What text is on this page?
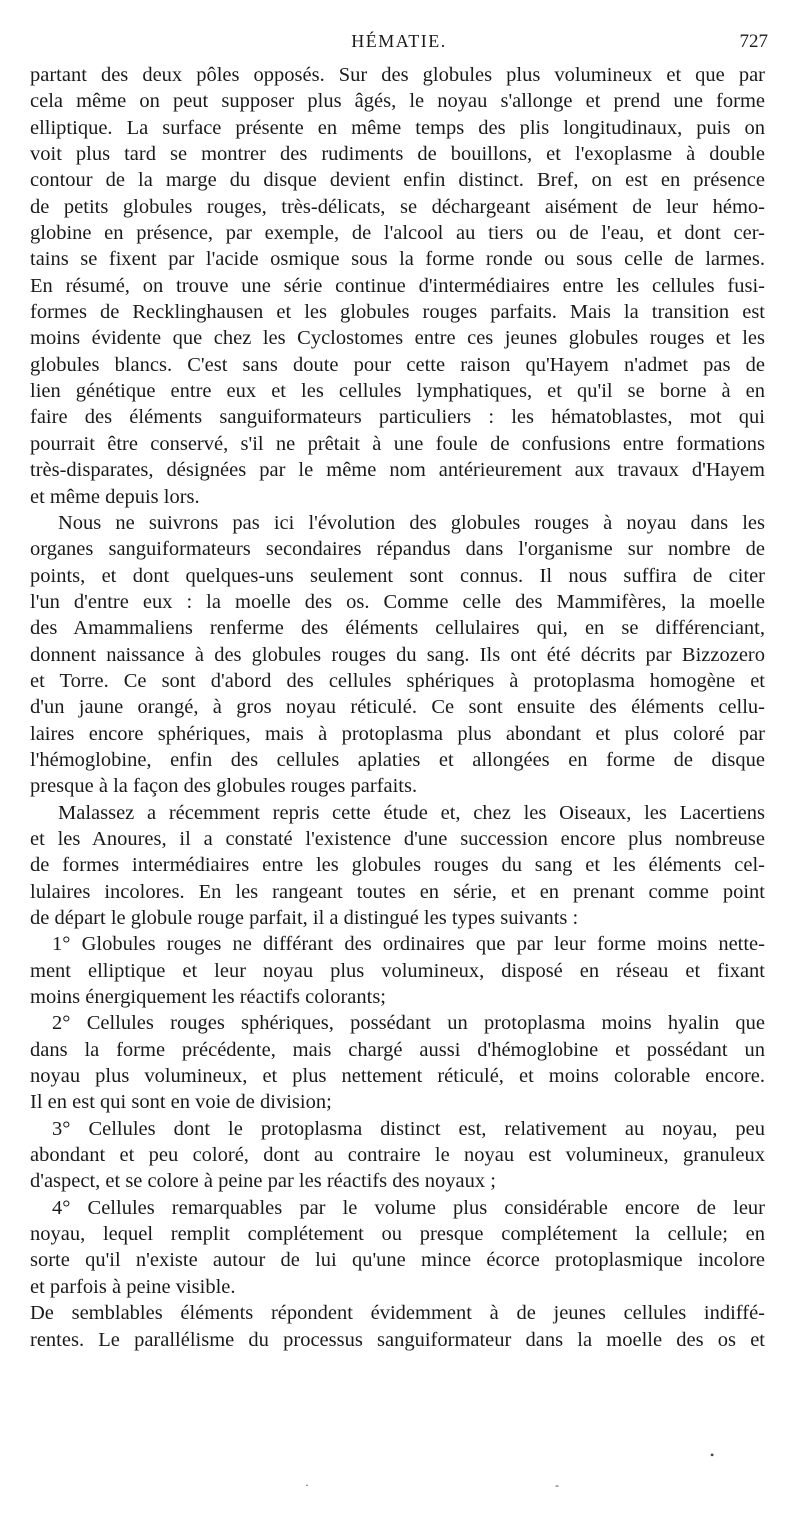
HÉMATIE.	727
partant des deux pôles opposés. Sur des globules plus volumineux et que par
cela même on peut supposer plus âgés, le noyau s'allonge et prend une forme
elliptique. La surface présente en même temps des plis longitudinaux, puis on
voit plus tard se montrer des rudiments de bouillons, et l'exoplasme à double
contour de la marge du disque devient enfin distinct. Bref, on est en présence
de petits globules rouges, très-délicats, se déchargeant aisément de leur hémo-
globine en présence, par exemple, de l'alcool au tiers ou de l'eau, et dont cer-
tains se fixent par l'acide osmique sous la forme ronde ou sous celle de larmes.
En résumé, on trouve une série continue d'intermédiaires entre les cellules fusi-
formes de Recklinghausen et les globules rouges parfaits. Mais la transition est
moins évidente que chez les Cyclostomes entre ces jeunes globules rouges et les
globules blancs. C'est sans doute pour cette raison qu'Hayem n'admet pas de
lien génétique entre eux et les cellules lymphatiques, et qu'il se borne à en
faire des éléments sanguiformateurs particuliers : les hématoblastes, mot qui
pourrait être conservé, s'il ne prêtait à une foule de confusions entre formations
très-disparates, désignées par le même nom antérieurement aux travaux d'Hayem
et même depuis lors.
Nous ne suivrons pas ici l'évolution des globules rouges à noyau dans les
organes sanguiformateurs secondaires répandus dans l'organisme sur nombre de
points, et dont quelques-uns seulement sont connus. Il nous suffira de citer
l'un d'entre eux : la moelle des os. Comme celle des Mammifères, la moelle
des Amammaliens renferme des éléments cellulaires qui, en se différenciant,
donnent naissance à des globules rouges du sang. Ils ont été décrits par Bizzozero
et Torre. Ce sont d'abord des cellules sphériques à protoplasma homogène et
d'un jaune orangé, à gros noyau réticulé. Ce sont ensuite des éléments cellu-
laires encore sphériques, mais à protoplasma plus abondant et plus coloré par
l'hémoglobine, enfin des cellules aplaties et allongées en forme de disque
presque à la façon des globules rouges parfaits.
Malassez a récemment repris cette étude et, chez les Oiseaux, les Lacertiens
et les Anoures, il a constaté l'existence d'une succession encore plus nombreuse
de formes intermédiaires entre les globules rouges du sang et les éléments cel-
lulaires incolores. En les rangeant toutes en série, et en prenant comme point
de départ le globule rouge parfait, il a distingué les types suivants :
1° Globules rouges ne différant des ordinaires que par leur forme moins nette-
ment elliptique et leur noyau plus volumineux, disposé en réseau et fixant
moins énergiquement les réactifs colorants;
2° Cellules rouges sphériques, possédant un protoplasma moins hyalin que
dans la forme précédente, mais chargé aussi d'hémoglobine et possédant un
noyau plus volumineux, et plus nettement réticulé, et moins colorable encore.
Il en est qui sont en voie de division;
3° Cellules dont le protoplasma distinct est, relativement au noyau, peu
abondant et peu coloré, dont au contraire le noyau est volumineux, granuleux
d'aspect, et se colore à peine par les réactifs des noyaux ;
4° Cellules remarquables par le volume plus considérable encore de leur
noyau, lequel remplit complétement ou presque complétement la cellule; en
sorte qu'il n'existe autour de lui qu'une mince écorce protoplasmique incolore
et parfois à peine visible.
De semblables éléments répondent évidemment à de jeunes cellules indiffé-
rentes. Le parallélisme du processus sanguiformateur dans la moelle des os et
•
·	-
